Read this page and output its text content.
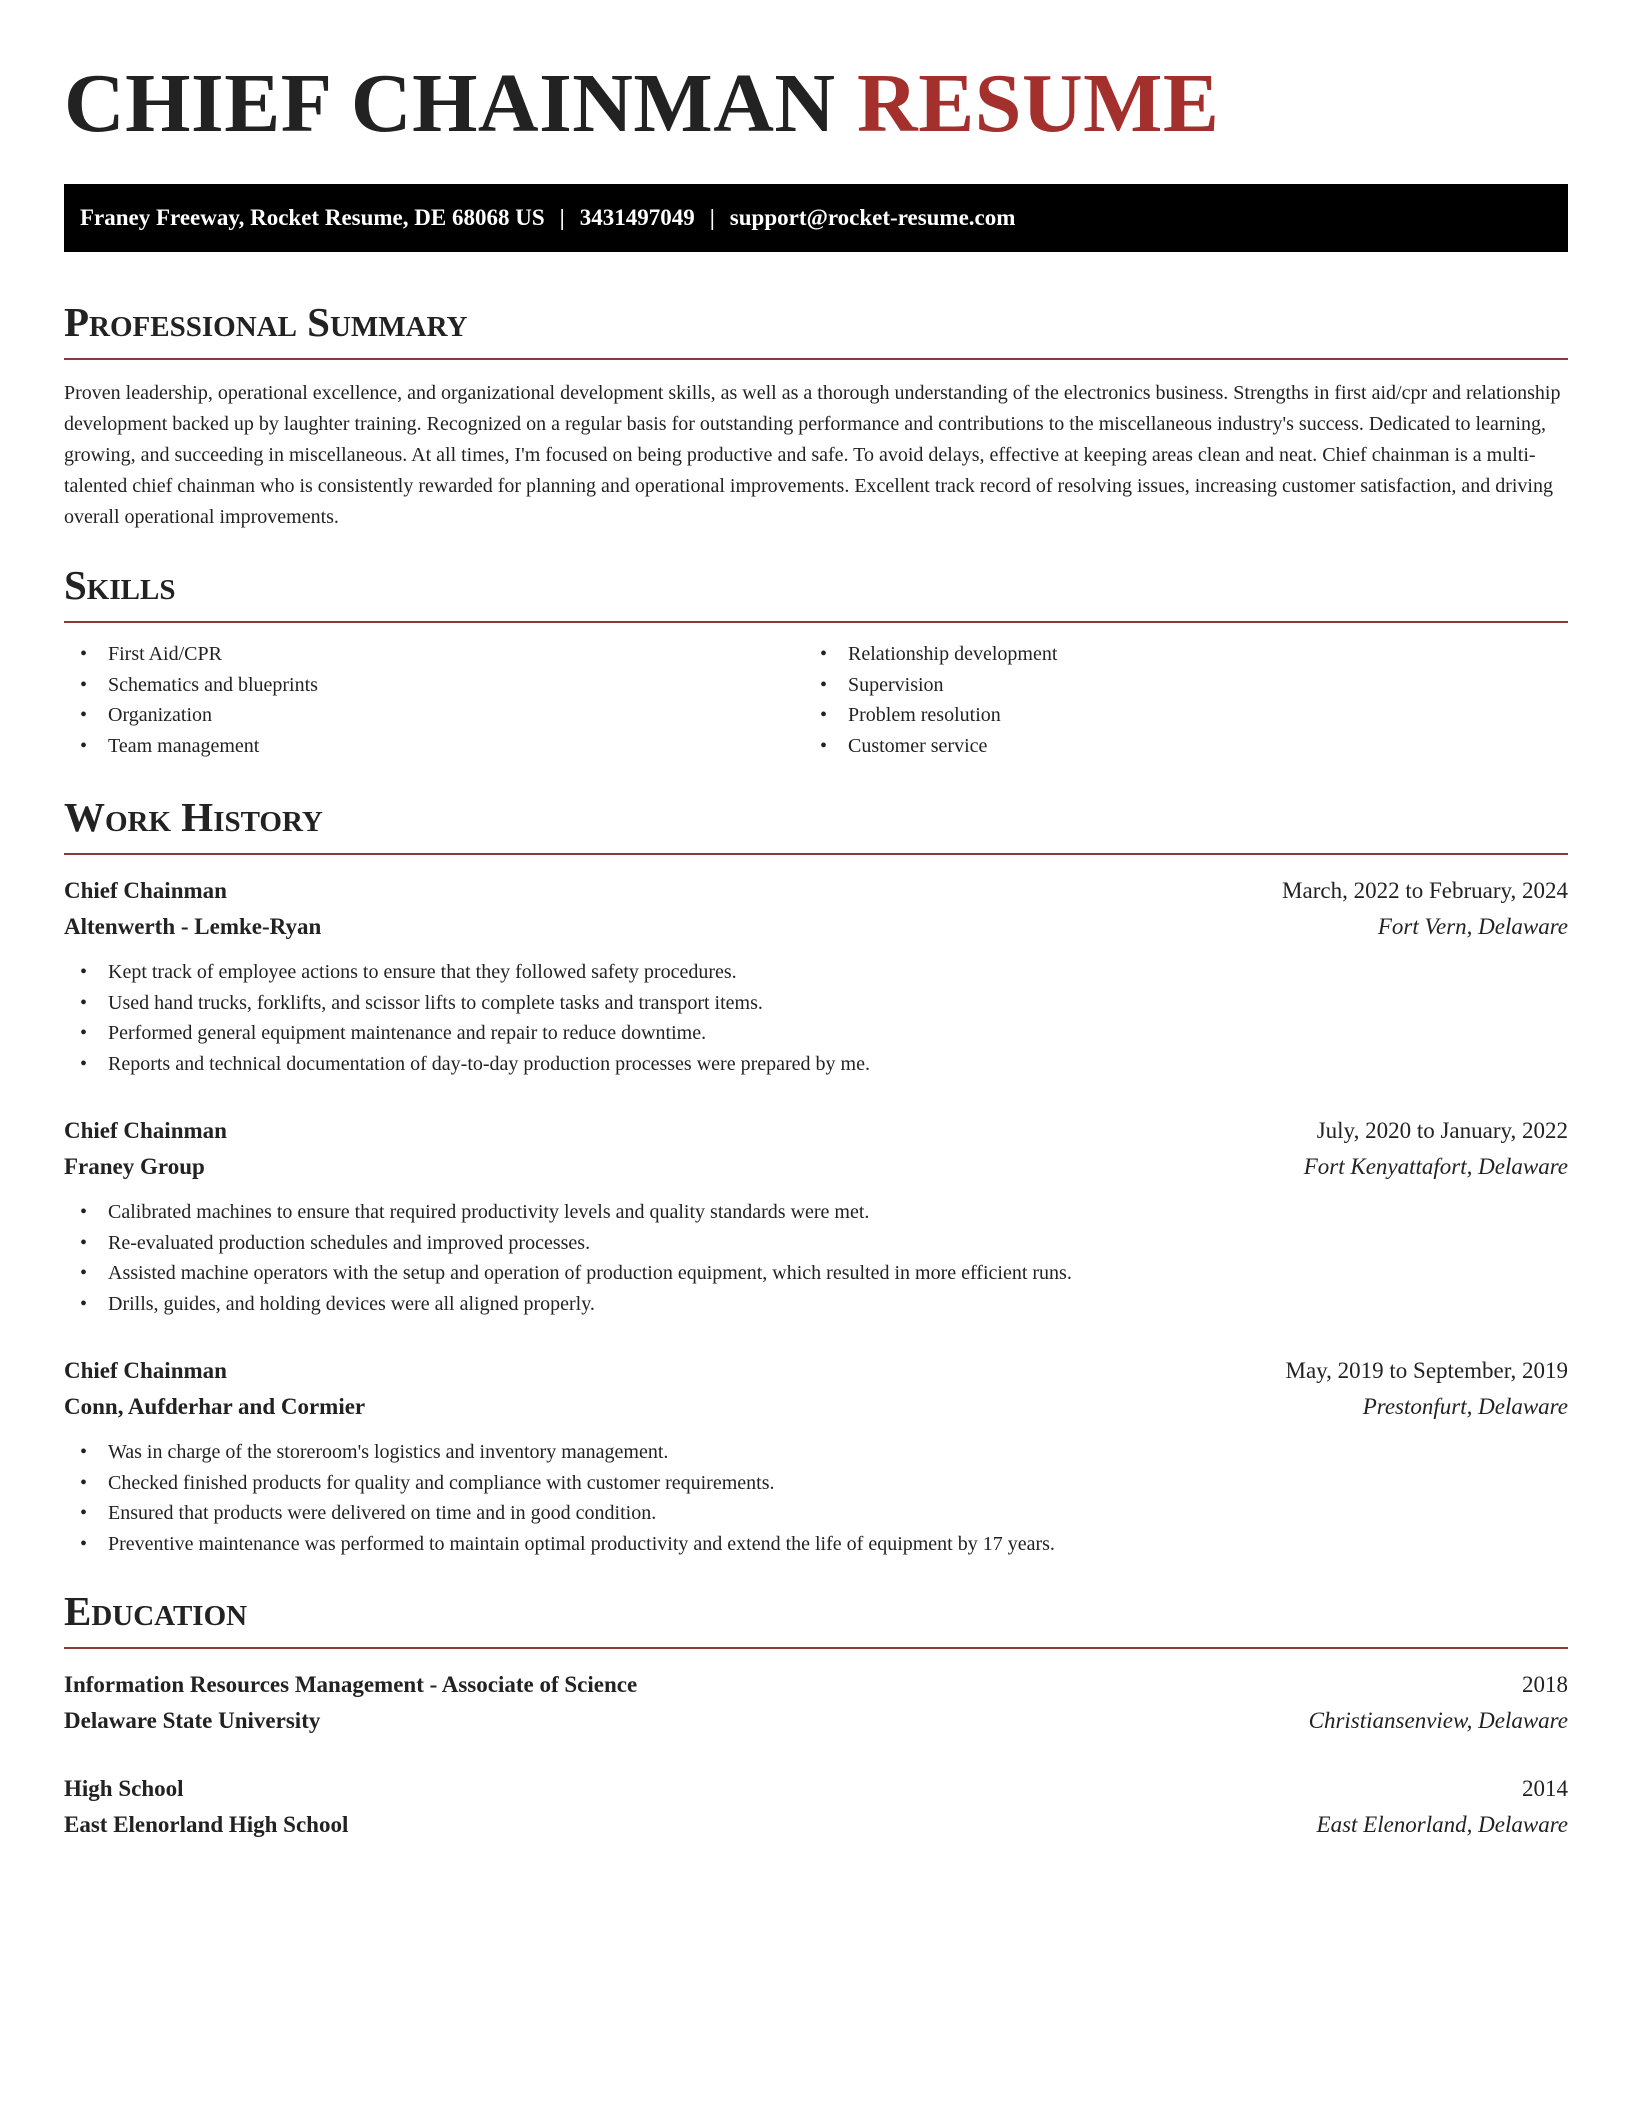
CHIEF CHAINMAN RESUME
Franey Freeway, Rocket Resume, DE 68068 US | 3431497049 | support@rocket-resume.com
Professional Summary

Proven leadership, operational excellence, and organizational development skills, as well as a thorough understanding of the electronics business. Strengths in first aid/cpr and relationship development backed up by laughter training. Recognized on a regular basis for outstanding performance and contributions to the miscellaneous industry's success. Dedicated to learning, growing, and succeeding in miscellaneous. At all times, I'm focused on being productive and safe. To avoid delays, effective at keeping areas clean and neat. Chief chainman is a multi-talented chief chainman who is consistently rewarded for planning and operational improvements. Excellent track record of resolving issues, increasing customer satisfaction, and driving overall operational improvements.

Skills
• First Aid/CPR
• Schematics and blueprints
• Organization
• Team management
• Relationship development
• Supervision
• Problem resolution
• Customer service
Work History
Chief Chainman	March, 2022 to February, 2024
Altenwerth - Lemke-Ryan	Fort Vern, Delaware
• Kept track of employee actions to ensure that they followed safety procedures.
• Used hand trucks, forklifts, and scissor lifts to complete tasks and transport items.
• Performed general equipment maintenance and repair to reduce downtime.
• Reports and technical documentation of day-to-day production processes were prepared by me.
Chief Chainman	July, 2020 to January, 2022
Franey Group	Fort Kenyattafort, Delaware
• Calibrated machines to ensure that required productivity levels and quality standards were met.
• Re-evaluated production schedules and improved processes.
• Assisted machine operators with the setup and operation of production equipment, which resulted in more efficient runs.
• Drills, guides, and holding devices were all aligned properly.
Chief Chainman	May, 2019 to September, 2019
Conn, Aufderhar and Cormier	Prestonfurt, Delaware
• Was in charge of the storeroom's logistics and inventory management.
• Checked finished products for quality and compliance with customer requirements.
• Ensured that products were delivered on time and in good condition.
• Preventive maintenance was performed to maintain optimal productivity and extend the life of equipment by 17 years.
Education
Information Resources Management - Associate of Science	2018
Delaware State University	Christiansenview, Delaware
High School	2014
East Elenorland High School	East Elenorland, Delaware
